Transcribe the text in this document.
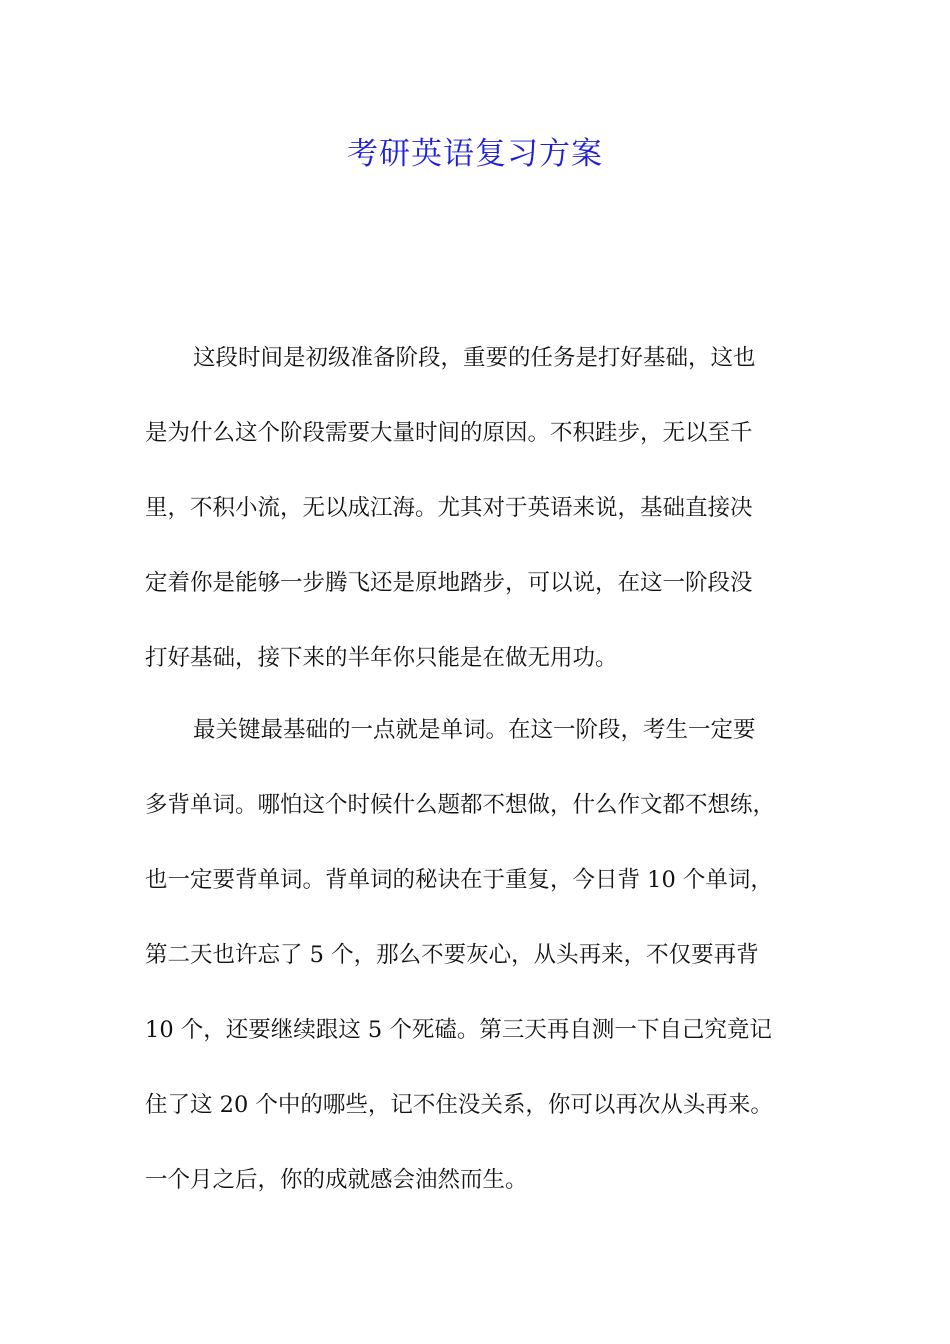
考研英语复习方案
这段时间是初级准备阶段，重要的任务是打好基础，这也
是为什么这个阶段需要大量时间的原因。不积跬步，无以至千
里，不积小流，无以成江海。尤其对于英语来说，基础直接决
定着你是能够一步腾飞还是原地踏步，可以说，在这一阶段没
打好基础，接下来的半年你只能是在做无用功。
最关键最基础的一点就是单词。在这一阶段，考生一定要
多背单词。哪怕这个时候什么题都不想做，什么作文都不想练，
也一定要背单词。背单词的秘诀在于重复，今日背 10 个单词，
第二天也许忘了 5 个，那么不要灰心，从头再来，不仅要再背
10 个，还要继续跟这 5 个死磕。第三天再自测一下自己究竟记
住了这 20 个中的哪些，记不住没关系，你可以再次从头再来。
一个月之后，你的成就感会油然而生。
